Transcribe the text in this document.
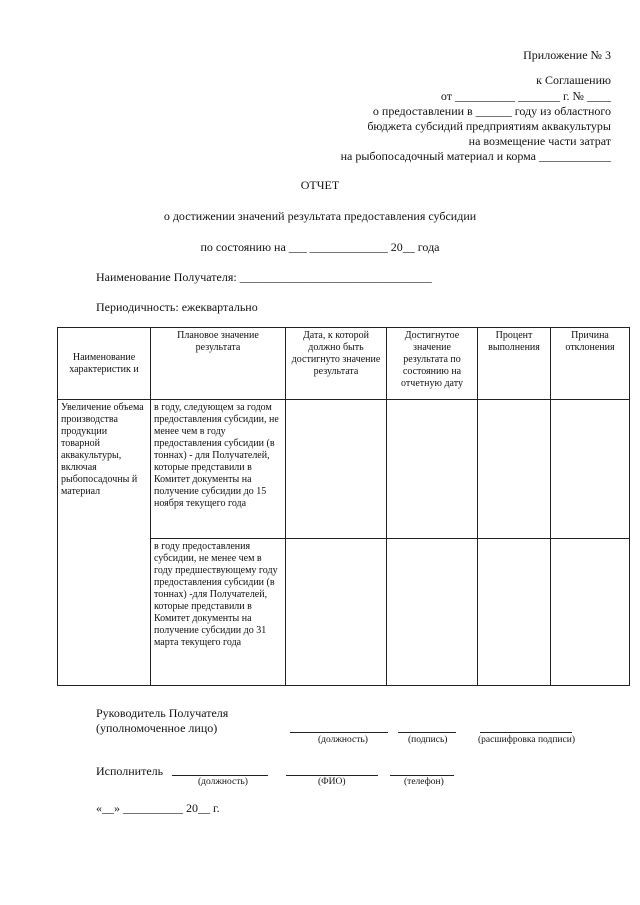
Приложение № 3
к Соглашению
от __________ _______ г. № ____
о предоставлении в ______ году из областного
бюджета субсидий предприятиям аквакультуры
на возмещение части затрат
на рыбопосадочный материал и корма ____________
ОТЧЕТ
о достижении значений результата предоставления субсидии
по состоянию на ___ _____________ 20__ года
Наименование Получателя: ________________________________
Периодичность: ежеквартально
Наименование характеристик и	Плановое значение результата	Дата, к которой должно быть достигнуто значение результата	Достигнутое значение результата по состоянию на отчетную дату	Процент выполнения	Причина отклонения
Увеличение объема производства продукции товарной аквакультуры, включая рыбопосадочны й материал	в году, следующем за годом предоставления субсидии, не менее чем в году предоставления субсидии (в тоннах) - для Получателей, которые представили в Комитет документы на получение субсидии до 15 ноября текущего года				
	в году предоставления субсидии, не менее чем в году предшествующему году предоставления субсидии (в тоннах) -для Получателей, которые представили в Комитет документы на получение субсидии до 31 марта текущего года				
Руководитель Получателя
(уполномоченное лицо)
(должность)	(подпись)	(расшифровка подписи)
Исполнитель
(должность)	(ФИО)	(телефон)
«__» __________ 20__ г.
